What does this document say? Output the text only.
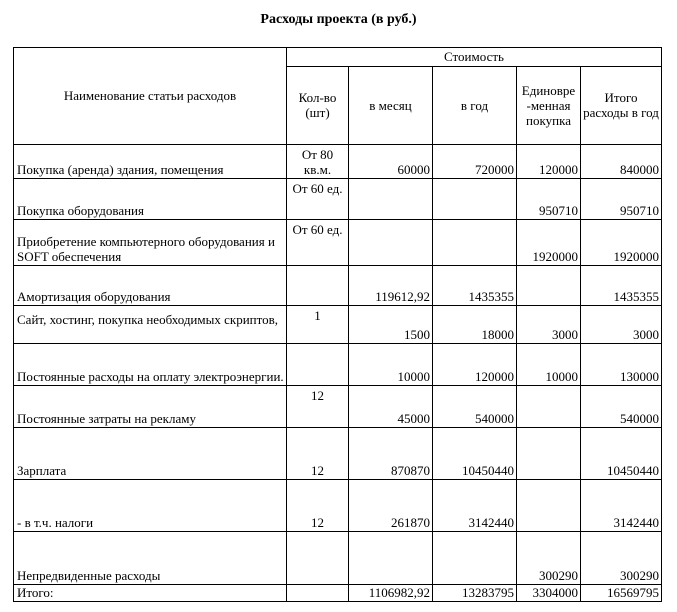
Расходы проекта (в руб.)
Наименование статьи расходов	Стоимость				
	Кол-во (шт)	в месяц	в год	Единовре -менная покупка	Итого расходы в год
Покупка (аренда) здания, помещения	От 80 кв.м.	60000	720000	120000	840000
Покупка оборудования	От 60 ед.			950710	950710
Приобретение компьютерного оборудования и SOFT обеспечения	От 60 ед.			1920000	1920000
Амортизация оборудования		119612,92	1435355		1435355
Сайт, хостинг, покупка необходимых скриптов,	1	1500	18000	3000	3000
Постоянные расходы на оплату электроэнергии.		10000	120000	10000	130000
Постоянные затраты на рекламу	12	45000	540000		540000
Зарплата	12	870870	10450440		10450440
- в т.ч. налоги	12	261870	3142440		3142440
Непредвиденные расходы				300290	300290
Итого:		1106982,92	13283795	3304000	16569795
